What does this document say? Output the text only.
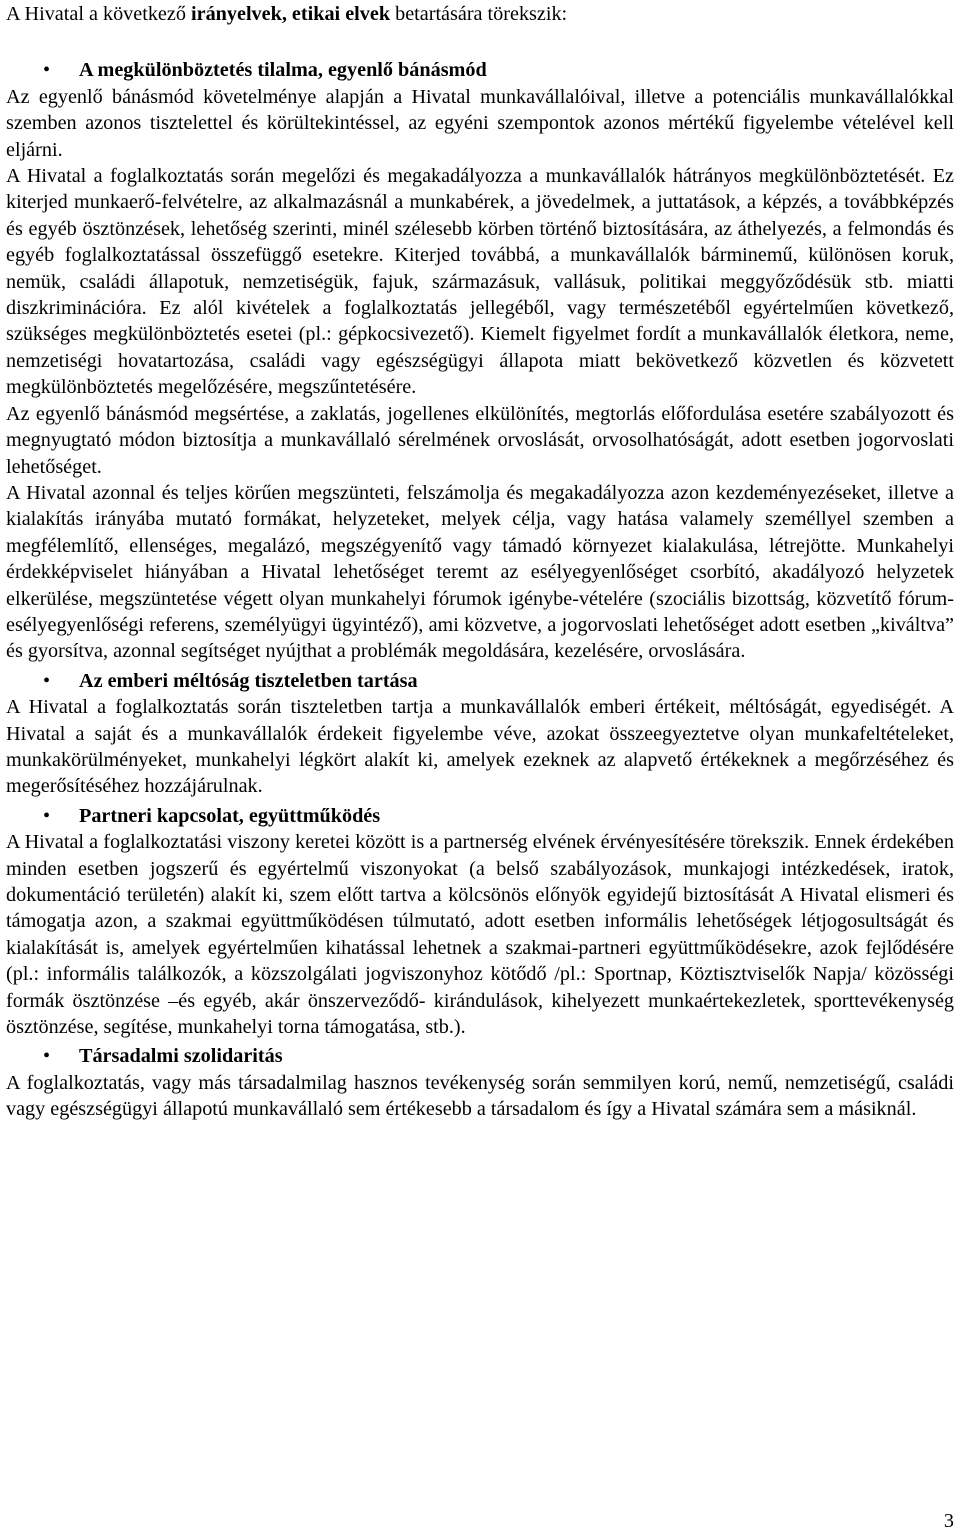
A Hivatal a következő irányelvek, etikai elvek betartására törekszik:

• A megkülönböztetés tilalma, egyenlő bánásmód

Az egyenlő bánásmód követelménye alapján a Hivatal munkavállalóival, illetve a potenciális munkavállalókkal szemben azonos tisztelettel és körültekintéssel, az egyéni szempontok azonos mértékű figyelembe vételével kell eljárni.

A Hivatal a foglalkoztatás során megelőzi és megakadályozza a munkavállalók hátrányos megkülönböztetését. Ez kiterjed munkaerő-felvételre, az alkalmazásnál a munkabérek, a jövedelmek, a juttatások, a képzés, a továbbképzés és egyéb ösztönzések, lehetőség szerinti, minél szélesebb körben történő biztosítására, az áthelyezés, a felmondás és egyéb foglalkoztatással összefüggő esetekre. Kiterjed továbbá, a munkavállalók bárminemű, különösen koruk, nemük, családi állapotuk, nemzetiségük, fajuk, származásuk, vallásuk, politikai meggyőződésük stb. miatti diszkriminációra. Ez alól kivételek a foglalkoztatás jellegéből, vagy természetéből egyértelműen következő, szükséges megkülönböztetés esetei (pl.: gépkocsivezető). Kiemelt figyelmet fordít a munkavállalók életkora, neme, nemzetiségi hovatartozása, családi vagy egészségügyi állapota miatt bekövetkező közvetlen és közvetett megkülönböztetés megelőzésére, megszűntetésére.

Az egyenlő bánásmód megsértése, a zaklatás, jogellenes elkülönítés, megtorlás előfordulása esetére szabályozott és megnyugtató módon biztosítja a munkavállaló sérelmének orvoslását, orvosolhatóságát, adott esetben jogorvoslati lehetőséget.

A Hivatal azonnal és teljes körűen megszünteti, felszámolja és megakadályozza azon kezdeményezéseket, illetve a kialakítás irányába mutató formákat, helyzeteket, melyek célja, vagy hatása valamely személlyel szemben a megfélemlítő, ellenséges, megalázó, megszégyenítő vagy támadó környezet kialakulása, létrejötte. Munkahelyi érdekképviselet hiányában a Hivatal lehetőséget teremt az esélyegyenlőséget csorbító, akadályozó helyzetek elkerülése, megszüntetése végett olyan munkahelyi fórumok igénybe-vételére (szociális bizottság, közvetítő fórum-esélyegyenlőségi referens, személyügyi ügyintéző), ami közvetve, a jogorvoslati lehetőséget adott esetben „kiváltva” és gyorsítva, azonnal segítséget nyújthat a problémák megoldására, kezelésére, orvoslására.

• Az emberi méltóság tiszteletben tartása

A Hivatal a foglalkoztatás során tiszteletben tartja a munkavállalók emberi értékeit, méltóságát, egyediségét. A Hivatal a saját és a munkavállalók érdekeit figyelembe véve, azokat összeegyeztetve olyan munkafeltételeket, munkakörülményeket, munkahelyi légkört alakít ki, amelyek ezeknek az alapvető értékeknek a megőrzéséhez és megerősítéséhez hozzájárulnak.

• Partneri kapcsolat, együttműködés

A Hivatal a foglalkoztatási viszony keretei között is a partnerség elvének érvényesítésére törekszik. Ennek érdekében minden esetben jogszerű és egyértelmű viszonyokat (a belső szabályozások, munkajogi intézkedések, iratok, dokumentáció területén) alakít ki, szem előtt tartva a kölcsönös előnyök egyidejű biztosítását A Hivatal elismeri és támogatja azon, a szakmai együttműködésen túlmutató, adott esetben informális lehetőségek létjogosultságát és kialakítását is, amelyek egyértelműen kihatással lehetnek a szakmai-partneri együttműködésekre, azok fejlődésére (pl.: informális találkozók, a közszolgálati jogviszonyhoz kötődő /pl.: Sportnap, Köztisztviselők Napja/ közösségi formák ösztönzése –és egyéb, akár önszerveződő- kirándulások, kihelyezett munkaértekezletek, sporttevékenység ösztönzése, segítése, munkahelyi torna támogatása, stb.).

• Társadalmi szolidaritás

A foglalkoztatás, vagy más társadalmilag hasznos tevékenység során semmilyen korú, nemű, nemzetiségű, családi vagy egészségügyi állapotú munkavállaló sem értékesebb a társadalom és így a Hivatal számára sem a másiknál.

3
